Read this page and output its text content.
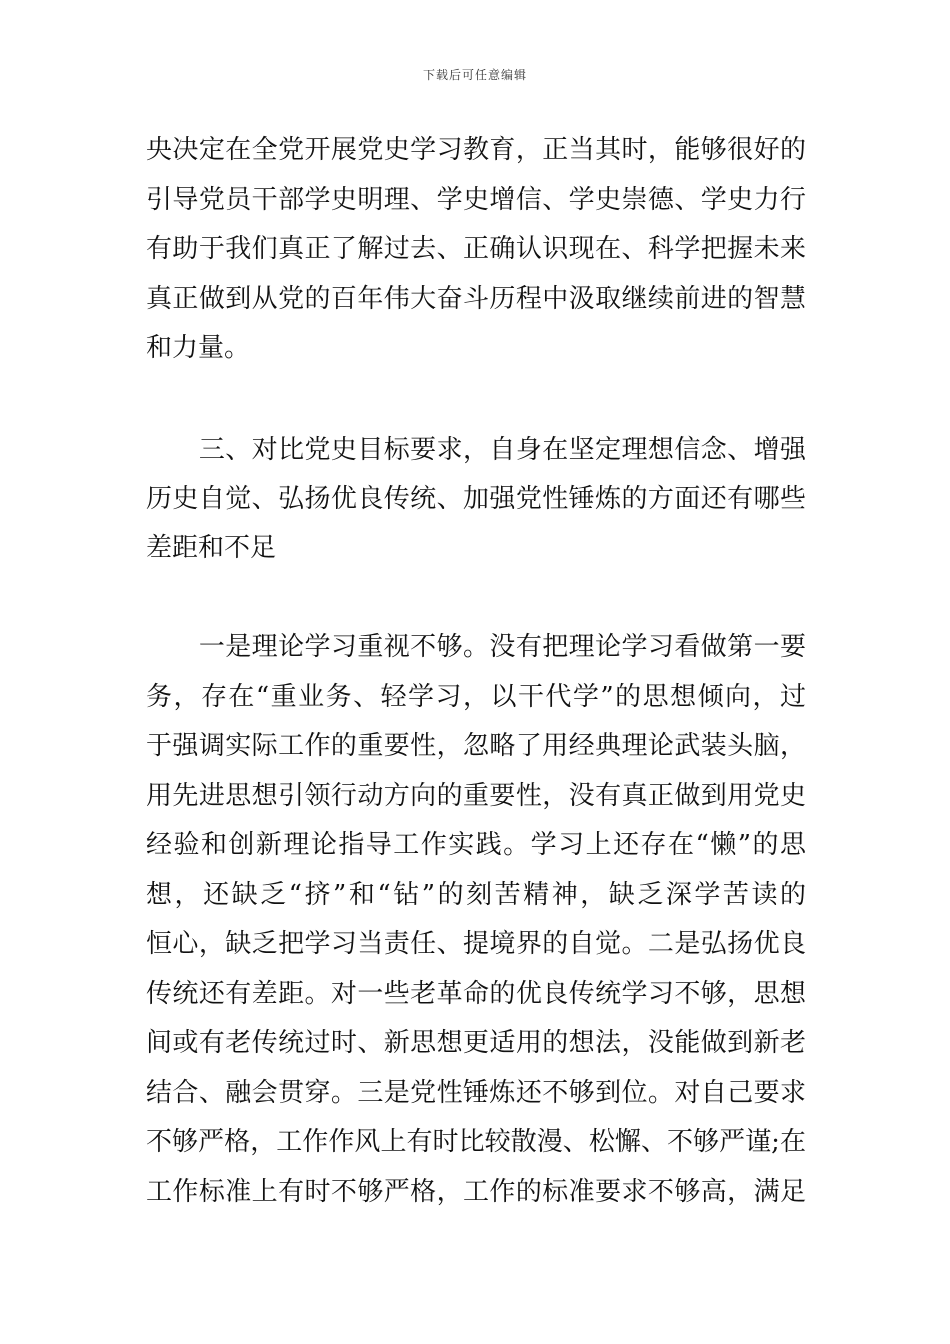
下载后可任意编辑
央决定在全党开展党史学习教育，正当其时，能够很好的
引导党员干部学史明理、学史增信、学史崇德、学史力行
有助于我们真正了解过去、正确认识现在、科学把握未来
真正做到从党的百年伟大奋斗历程中汲取继续前进的智慧
和力量。
　　三、对比党史目标要求，自身在坚定理想信念、增强
历史自觉、弘扬优良传统、加强党性锤炼的方面还有哪些
差距和不足
　　一是理论学习重视不够。没有把理论学习看做第一要
务，存在“重业务、轻学习，以干代学”的思想倾向，过
于强调实际工作的重要性，忽略了用经典理论武装头脑，
用先进思想引领行动方向的重要性，没有真正做到用党史
经验和创新理论指导工作实践。学习上还存在“懒”的思
想，还缺乏“挤”和“钻”的刻苦精神，缺乏深学苦读的
恒心，缺乏把学习当责任、提境界的自觉。二是弘扬优良
传统还有差距。对一些老革命的优良传统学习不够，思想
间或有老传统过时、新思想更适用的想法，没能做到新老
结合、融会贯穿。三是党性锤炼还不够到位。对自己要求
不够严格，工作作风上有时比较散漫、松懈、不够严谨;在
工作标准上有时不够严格，工作的标准要求不够高，满足
